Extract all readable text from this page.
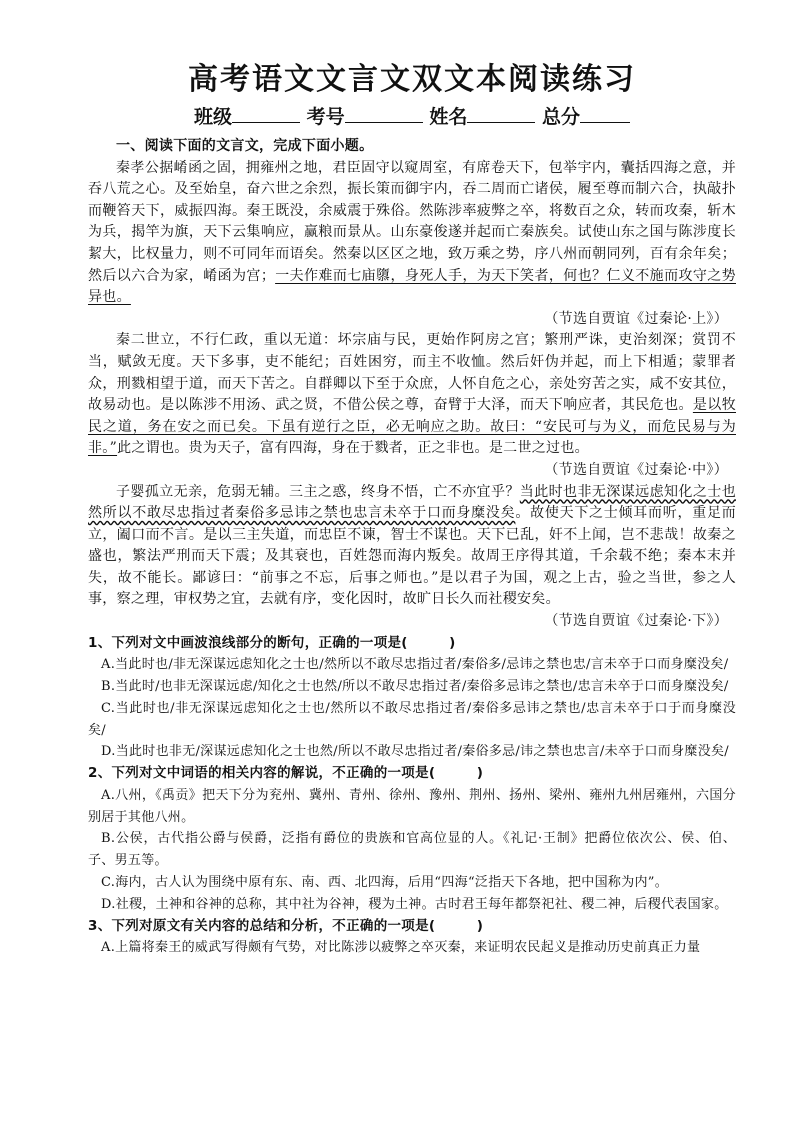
高考语文文言文双文本阅读练习
班级	考号	姓名	总分

一、阅读下面的文言文，完成下面小题。

秦孝公据崤函之固，拥雍州之地，君臣固守以窥周室，有席卷天下，包举宇内，囊括四海之意，并吞八荒之心。及至始皇，奋六世之余烈，振长策而御宇内，吞二周而亡诸侯，履至尊而制六合，执敲扑而鞭笞天下，威振四海。秦王既没，余威震于殊俗。然陈涉率疲弊之卒，将数百之众，转而攻秦，斩木为兵，揭竿为旗，天下云集响应，赢粮而景从。山东豪俊遂并起而亡秦族矣。试使山东之国与陈涉度长絜大，比权量力，则不可同年而语矣。然秦以区区之地，致万乘之势，序八州而朝同列，百有余年矣；然后以六合为家，崤函为宫；一夫作难而七庙隳，身死人手，为天下笑者，何也？仁义不施而攻守之势异也。

（节选自贾谊《过秦论·上》）

秦二世立，不行仁政，重以无道：坏宗庙与民，更始作阿房之宫；繁刑严诛，吏治刻深；赏罚不当，赋敛无度。天下多事，吏不能纪；百姓困穷，而主不收恤。然后奸伪并起，而上下相遁；蒙罪者众，刑戮相望于道，而天下苦之。自群卿以下至于众庶，人怀自危之心，亲处穷苦之实，咸不安其位，故易动也。是以陈涉不用汤、武之贤，不借公侯之尊，奋臂于大泽，而天下响应者，其民危也。是以牧民之道，务在安之而已矣。下虽有逆行之臣，必无响应之助。故曰：“安民可与为义，而危民易与为非。”此之谓也。贵为天子，富有四海，身在于戮者，正之非也。是二世之过也。

（节选自贾谊《过秦论·中》）

子婴孤立无亲，危弱无辅。三主之惑，终身不悟，亡不亦宜乎？当此时也非无深谋远虑知化之士也然所以不敢尽忠指过者秦俗多忌讳之禁也忠言未卒于口而身糜没矣。故使天下之士倾耳而听，重足而立，阖口而不言。是以三主失道，而忠臣不谏，智士不谋也。天下已乱，奸不上闻，岂不悲哉！故秦之盛也，繁法严刑而天下震；及其衰也，百姓怨而海内叛矣。故周王序得其道，千余载不绝；秦本末并失，故不能长。鄙谚曰：“前事之不忘，后事之师也。”是以君子为国，观之上古，验之当世，参之人事，察之理，审权势之宜，去就有序，变化因时，故旷日长久而社稷安矣。

（节选自贾谊《过秦论·下》）

1、下列对文中画波浪线部分的断句，正确的一项是(　　　)

A.当此时也/非无深谋远虑知化之士也/然所以不敢尽忠指过者/秦俗多/忌讳之禁也忠/言未卒于口而身糜没矣/

B.当此时/也非无深谋远虑/知化之士也然/所以不敢尽忠指过者/秦俗多忌讳之禁也/忠言未卒于口而身糜没矣/

C.当此时也/非无深谋远虑知化之士也/然所以不敢尽忠指过者/秦俗多忌讳之禁也/忠言未卒于口于而身糜没矣/

D.当此时也非无/深谋远虑知化之士也然/所以不敢尽忠指过者/秦俗多忌/讳之禁也忠言/未卒于口而身糜没矣/

2、下列对文中词语的相关内容的解说，不正确的一项是(　　　)

A.八州，《禹贡》把天下分为兖州、冀州、青州、徐州、豫州、荆州、扬州、梁州、雍州九州居雍州，六国分别居于其他八州。

B.公侯，古代指公爵与侯爵，泛指有爵位的贵族和官高位显的人。《礼记·王制》把爵位依次公、侯、伯、子、男五等。

C.海内，古人认为围绕中原有东、南、西、北四海，后用“四海“泛指天下各地，把中国称为内”。

D.社稷，土神和谷神的总称，其中社为谷神，稷为土神。古时君王每年都祭祀社、稷二神，后稷代表国家。

3、下列对原文有关内容的总结和分析，不正确的一项是(　　　)

A.上篇将秦王的威武写得颇有气势，对比陈涉以疲弊之卒灭秦，来证明农民起义是推动历史前真正力量
